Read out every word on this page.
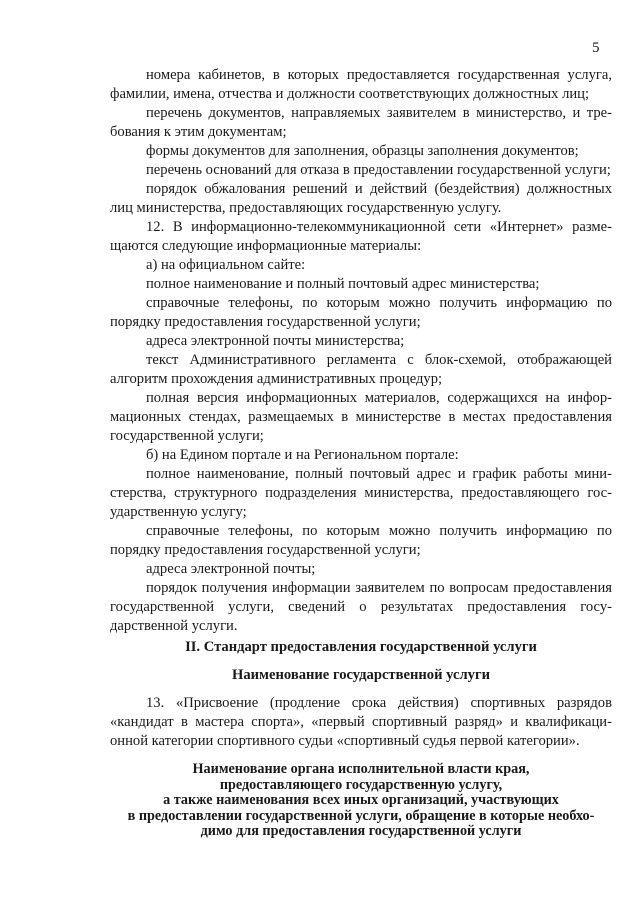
5

номера кабинетов, в которых предоставляется государственная услуга, фамилии, имена, отчества и должности соответствующих должностных лиц;

перечень документов, направляемых заявителем в министерство, и требования к этим документам;

формы документов для заполнения, образцы заполнения документов;

перечень оснований для отказа в предоставлении государственной услуги;

порядок обжалования решений и действий (бездействия) должностных лиц министерства, предоставляющих государственную услугу.

12. В информационно-телекоммуникационной сети «Интернет» размещаются следующие информационные материалы:

а) на официальном сайте:

полное наименование и полный почтовый адрес министерства;

справочные телефоны, по которым можно получить информацию по порядку предоставления государственной услуги;

адреса электронной почты министерства;

текст Административного регламента с блок-схемой, отображающей алгоритм прохождения административных процедур;

полная версия информационных материалов, содержащихся на информационных стендах, размещаемых в министерстве в местах предоставления государственной услуги;

б) на Едином портале и на Региональном портале:

полное наименование, полный почтовый адрес и график работы министерства, структурного подразделения министерства, предоставляющего государственную услугу;

справочные телефоны, по которым можно получить информацию по порядку предоставления государственной услуги;

адреса электронной почты;

порядок получения информации заявителем по вопросам предоставления государственной услуги, сведений о результатах предоставления государственной услуги.

II. Стандарт предоставления государственной услуги
Наименование государственной услуги

13. «Присвоение (продление срока действия) спортивных разрядов «кандидат в мастера спорта», «первый спортивный разряд» и квалификационной категории спортивного судьи «спортивный судья первой категории».

Наименование органа исполнительной власти края,
предоставляющего государственную услугу,
а также наименования всех иных организаций, участвующих
в предоставлении государственной услуги, обращение в которые необхо-
димо для предоставления государственной услуги
